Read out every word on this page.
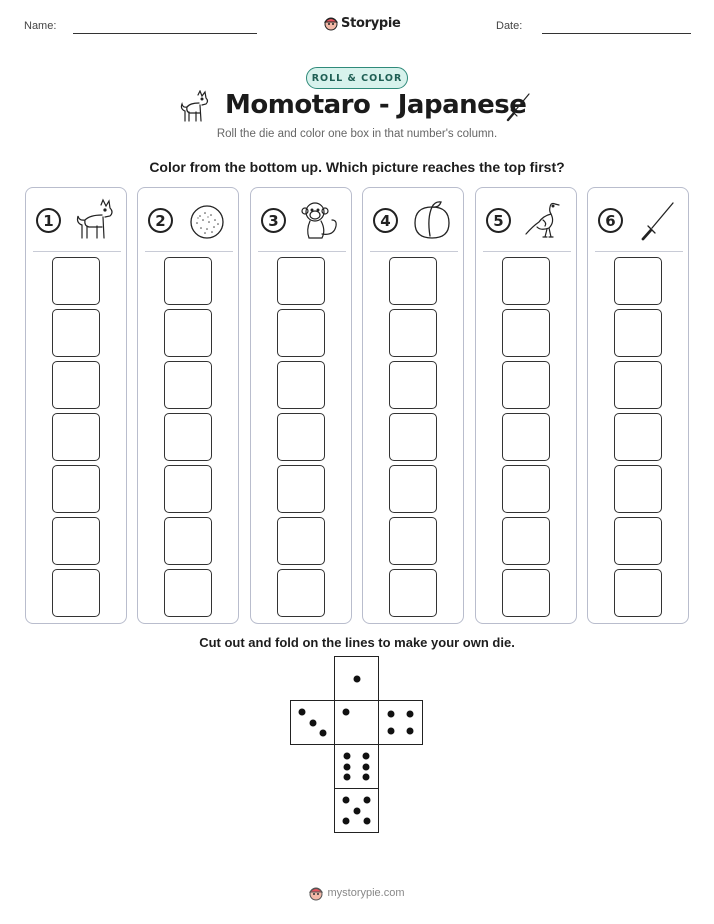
Name:	Storypie	Date:
ROLL & COLOR
Momotaro - Japanese
Roll the die and color one box in that number's column.
Color from the bottom up. Which picture reaches the top first?
1	2	3	4	5	6
Cut out and fold on the lines to make your own die.
mystorypie.com
